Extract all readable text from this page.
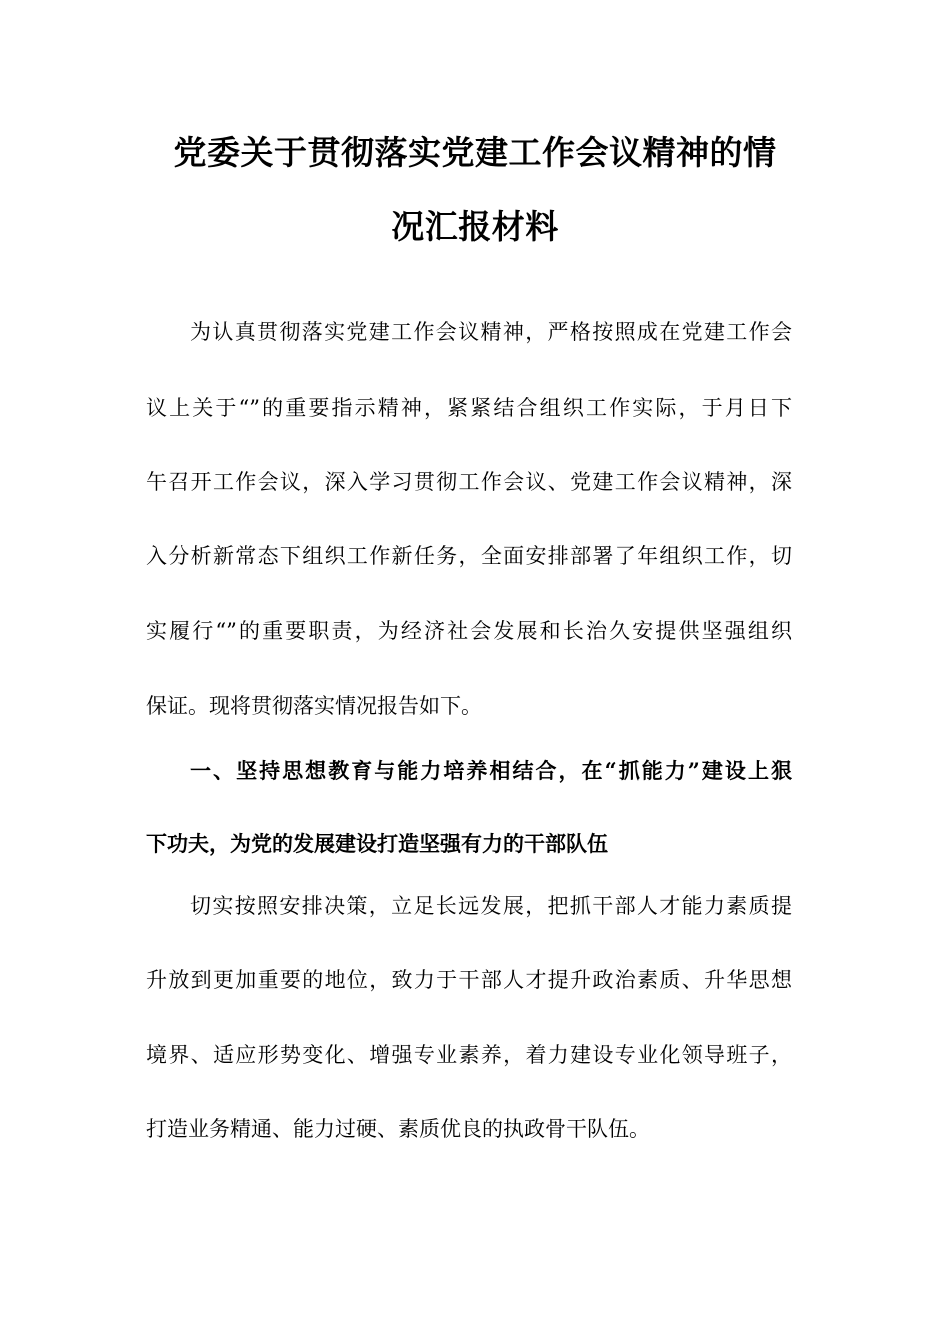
党委关于贯彻落实党建工作会议精神的情
况汇报材料
为认真贯彻落实党建工作会议精神，严格按照成在党建工作会
议上关于“”的重要指示精神，紧紧结合组织工作实际，于月日下
午召开工作会议，深入学习贯彻工作会议、党建工作会议精神，深
入分析新常态下组织工作新任务，全面安排部署了年组织工作，切
实履行“”的重要职责，为经济社会发展和长治久安提供坚强组织
保证。现将贯彻落实情况报告如下。
一、坚持思想教育与能力培养相结合，在“抓能力”建设上狠
下功夫，为党的发展建设打造坚强有力的干部队伍
切实按照安排决策，立足长远发展，把抓干部人才能力素质提
升放到更加重要的地位，致力于干部人才提升政治素质、升华思想
境界、适应形势变化、增强专业素养，着力建设专业化领导班子，
打造业务精通、能力过硬、素质优良的执政骨干队伍。
